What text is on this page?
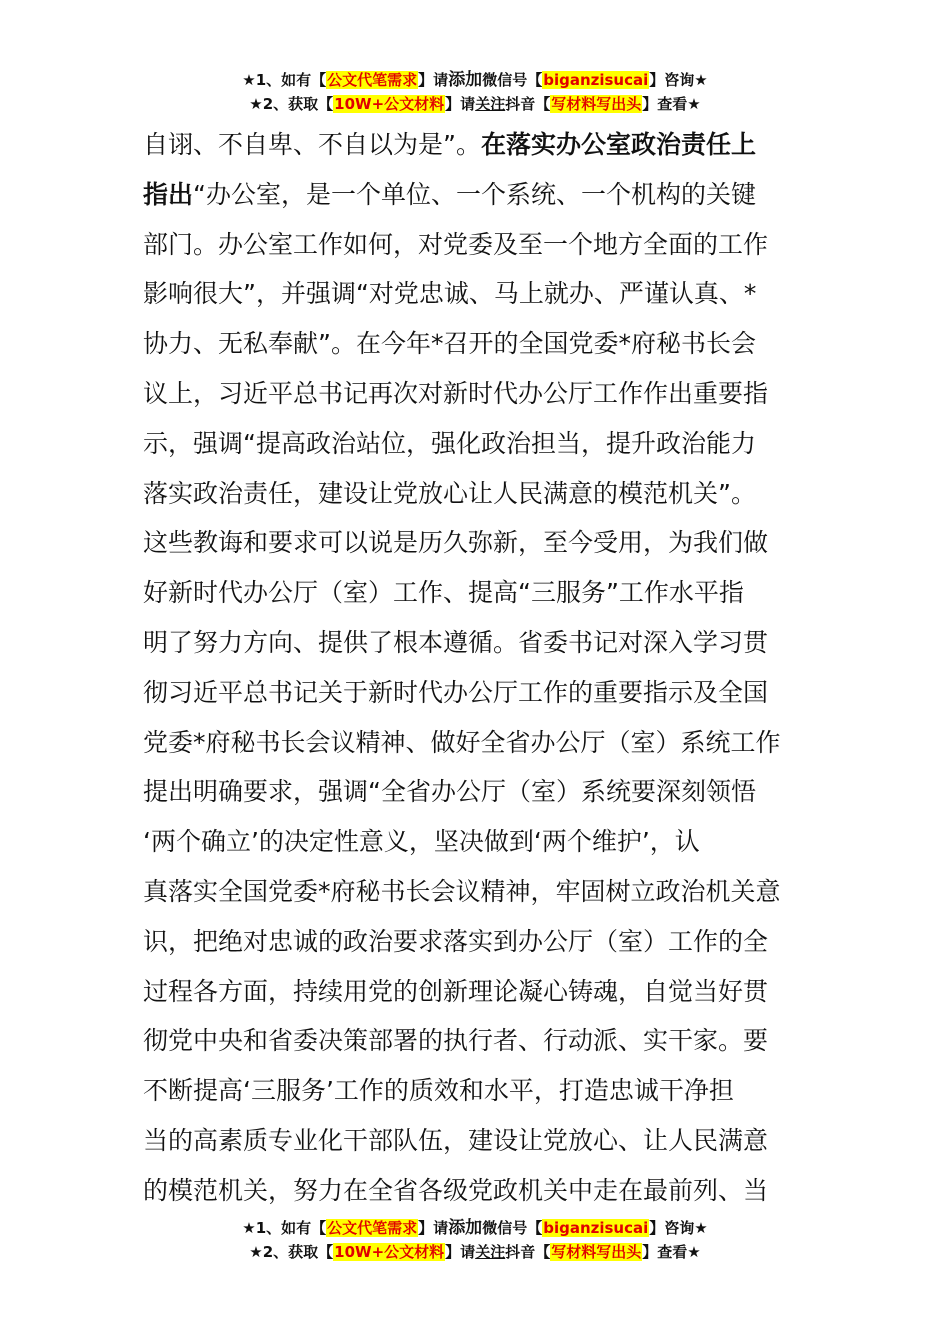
★1、如有【公文代笔需求】请添加微信号【biganzisucai】咨询★
★2、获取【10W+公文材料】请关注抖音【写材料写出头】查看★
自诩、不自卑、不自以为是”。在落实办公室政治责任上
指出“办公室，是一个单位、一个系统、一个机构的关键
部门。办公室工作如何，对党委及至一个地方全面的工作
影响很大”，并强调“对党忠诚、马上就办、严谨认真、*
协力、无私奉献”。在今年*召开的全国党委*府秘书长会
议上，习近平总书记再次对新时代办公厅工作作出重要指
示，强调“提高政治站位，强化政治担当，提升政治能力
落实政治责任，建设让党放心让人民满意的模范机关”。
这些教诲和要求可以说是历久弥新，至今受用，为我们做
好新时代办公厅（室）工作、提高“三服务”工作水平指
明了努力方向、提供了根本遵循。省委书记对深入学习贯
彻习近平总书记关于新时代办公厅工作的重要指示及全国
党委*府秘书长会议精神、做好全省办公厅（室）系统工作
提出明确要求，强调“全省办公厅（室）系统要深刻领悟
‘两个确立’的决定性意义，坚决做到‘两个维护’，认
真落实全国党委*府秘书长会议精神，牢固树立政治机关意
识，把绝对忠诚的政治要求落实到办公厅（室）工作的全
过程各方面，持续用党的创新理论凝心铸魂，自觉当好贯
彻党中央和省委决策部署的执行者、行动派、实干家。要
不断提高‘三服务’工作的质效和水平，打造忠诚干净担
当的高素质专业化干部队伍，建设让党放心、让人民满意
的模范机关，努力在全省各级党政机关中走在最前列、当
★1、如有【公文代笔需求】请添加微信号【biganzisucai】咨询★
★2、获取【10W+公文材料】请关注抖音【写材料写出头】查看★
